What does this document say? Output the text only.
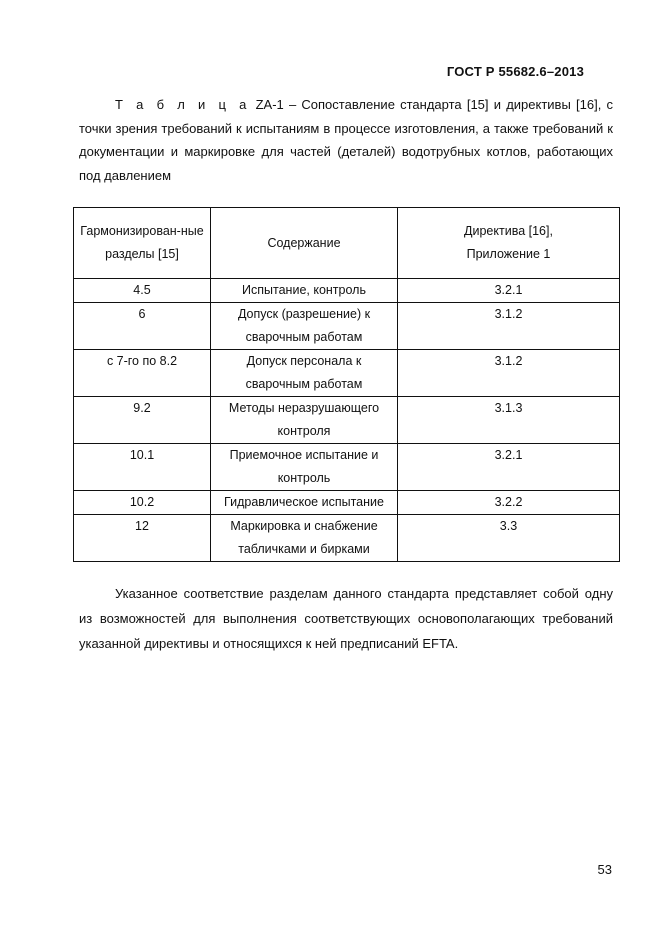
ГОСТ Р 55682.6–2013
Т а б л и ц а ZA-1 – Сопоставление стандарта [15] и директивы [16], с точки зрения требований к испытаниям в процессе изготовления, а также требований к документации и маркировке для частей (деталей) водотрубных котлов, работающих под давлением
Гармонизирован-ные разделы [15]	Содержание	Директива [16], Приложение 1
4.5	Испытание, контроль	3.2.1
6	Допуск (разрешение) к сварочным работам	3.1.2
с 7-го по 8.2	Допуск персонала к сварочным работам	3.1.2
9.2	Методы неразрушающего контроля	3.1.3
10.1	Приемочное испытание и контроль	3.2.1
10.2	Гидравлическое испытание	3.2.2
12	Маркировка и снабжение табличками и бирками	3.3
Указанное соответствие разделам данного стандарта представляет собой одну из возможностей для выполнения соответствующих основополагающих требований указанной директивы и относящихся к ней предписаний EFTA.
53
